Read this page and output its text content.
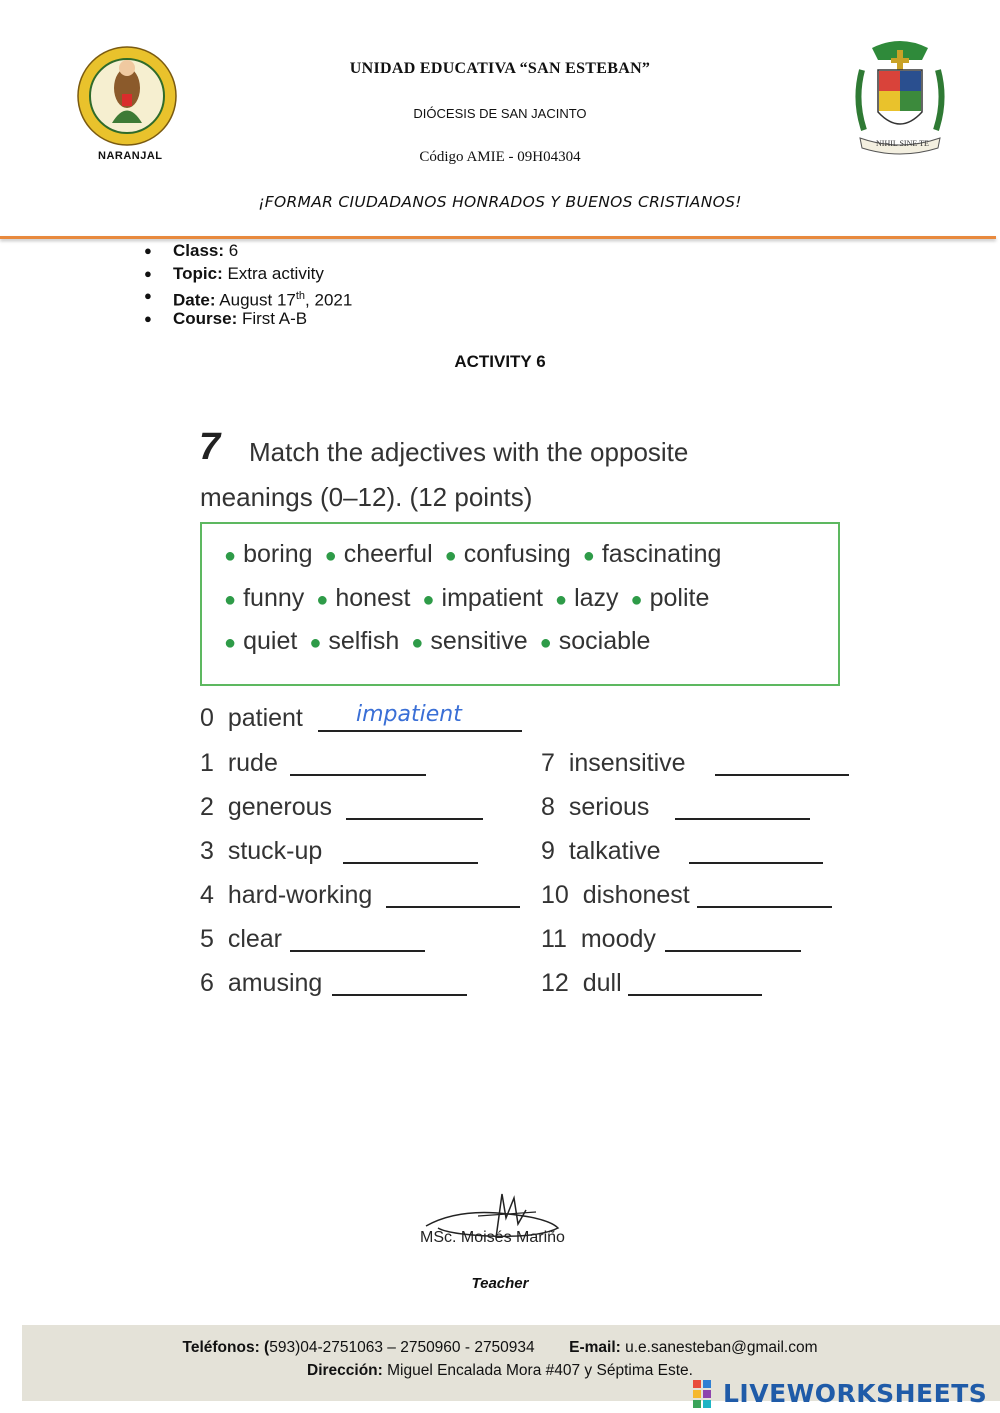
NARANJAL
UNIDAD EDUCATIVA “SAN ESTEBAN”
DIÓCESIS DE SAN JACINTO
Código AMIE - 09H04304
NIHIL SINE TE
¡FORMAR CIUDADANOS HONRADOS Y BUENOS CRISTIANOS!
● Class: 6
● Topic: Extra activity
● Date: August 17th, 2021
● Course: First A-B
ACTIVITY 6
7 Match the adjectives with the opposite
meanings (0–12). (12 points)
● boring ● cheerful ● confusing ● fascinating
● funny ● honest ● impatient ● lazy ● polite
● quiet ● selfish ● sensitive ● sociable
0 patient impatient
1 rude
2 generous
3 stuck-up
4 hard-working
5 clear
6 amusing
7 insensitive
8 serious
9 talkative
10 dishonest
11 moody
12 dull
MSc. Moisés Mariño
Teacher
Teléfonos: (593)04-2751063 – 2750960 - 2750934 E-mail: u.e.sanesteban@gmail.com
Dirección: Miguel Encalada Mora #407 y Séptima Este.
LIVEWORKSHEETS
